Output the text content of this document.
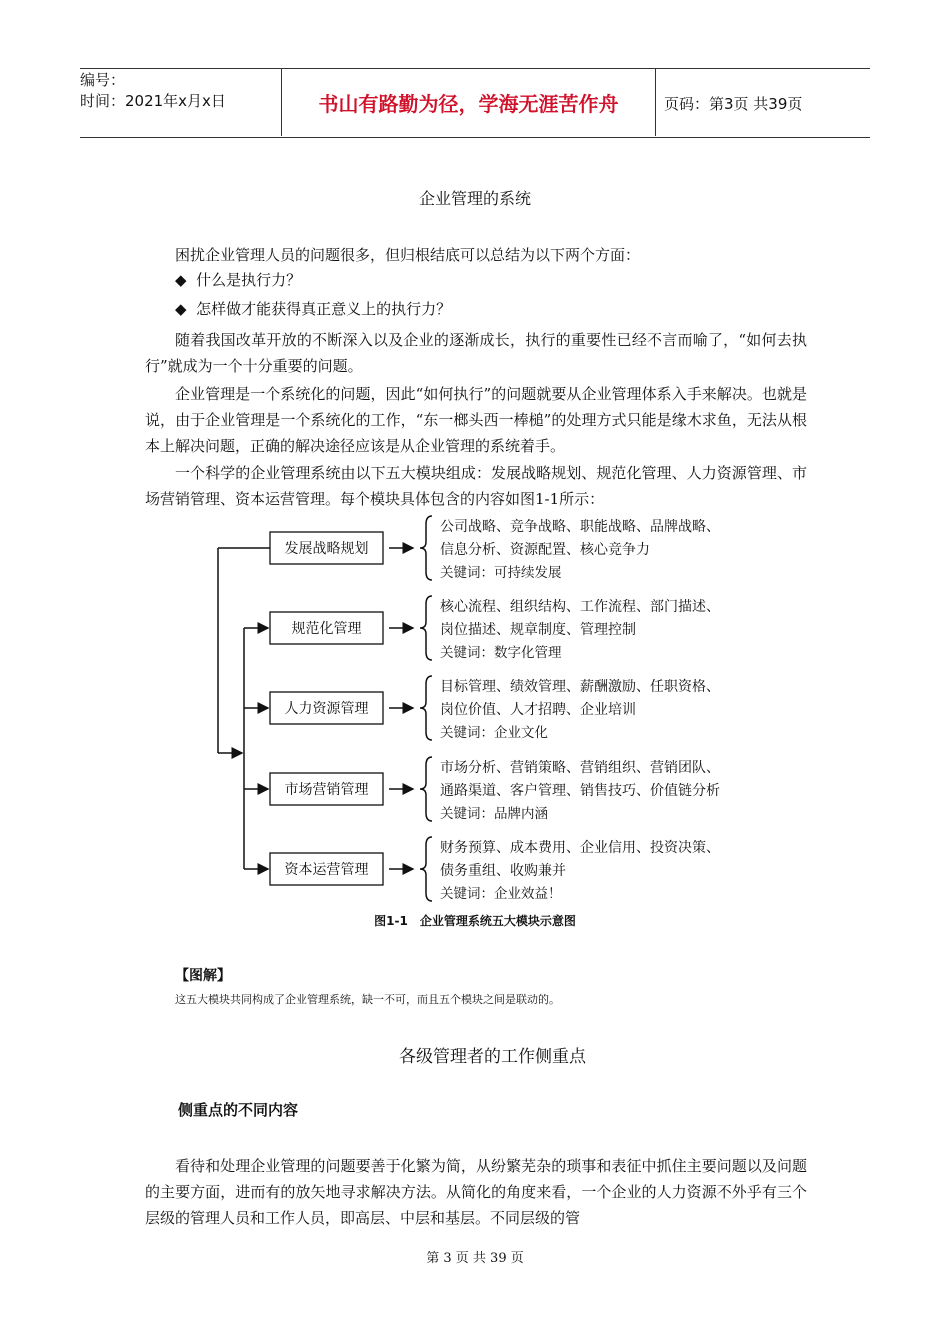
编号：
时间：2021年x月x日	书山有路勤为径，学海无涯苦作舟	页码：第3页 共39页
企业管理的系统
困扰企业管理人员的问题很多，但归根结底可以总结为以下两个方面：
◆  什么是执行力？
◆  怎样做才能获得真正意义上的执行力？
随着我国改革开放的不断深入以及企业的逐渐成长，执行的重要性已经不言而喻了，“如何去执行”就成为一个十分重要的问题。
企业管理是一个系统化的问题，因此“如何执行”的问题就要从企业管理体系入手来解决。也就是说，由于企业管理是一个系统化的工作，“东一榔头西一棒槌”的处理方式只能是缘木求鱼，无法从根本上解决问题，正确的解决途径应该是从企业管理的系统着手。
一个科学的企业管理系统由以下五大模块组成：发展战略规划、规范化管理、人力资源管理、市场营销管理、资本运营管理。每个模块具体包含的内容如图1-1所示：
发展战略规划
公司战略、竞争战略、职能战略、品牌战略、
信息分析、资源配置、核心竞争力
关键词：可持续发展
规范化管理
核心流程、组织结构、工作流程、部门描述、
岗位描述、规章制度、管理控制
关键词：数字化管理
人力资源管理
目标管理、绩效管理、薪酬激励、任职资格、
岗位价值、人才招聘、企业培训
关键词：企业文化
市场营销管理
市场分析、营销策略、营销组织、营销团队、
通路渠道、客户管理、销售技巧、价值链分析
关键词：品牌内涵
资本运营管理
财务预算、成本费用、企业信用、投资决策、
债务重组、收购兼并
关键词：企业效益！
图1-1　企业管理系统五大模块示意图
【图解】
这五大模块共同构成了企业管理系统，缺一不可，而且五个模块之间是联动的。
各级管理者的工作侧重点
侧重点的不同内容
看待和处理企业管理的问题要善于化繁为简，从纷繁芜杂的琐事和表征中抓住主要问题以及问题的主要方面，进而有的放矢地寻求解决方法。从简化的角度来看，一个企业的人力资源不外乎有三个层级的管理人员和工作人员，即高层、中层和基层。不同层级的管
第 3 页 共 39 页
